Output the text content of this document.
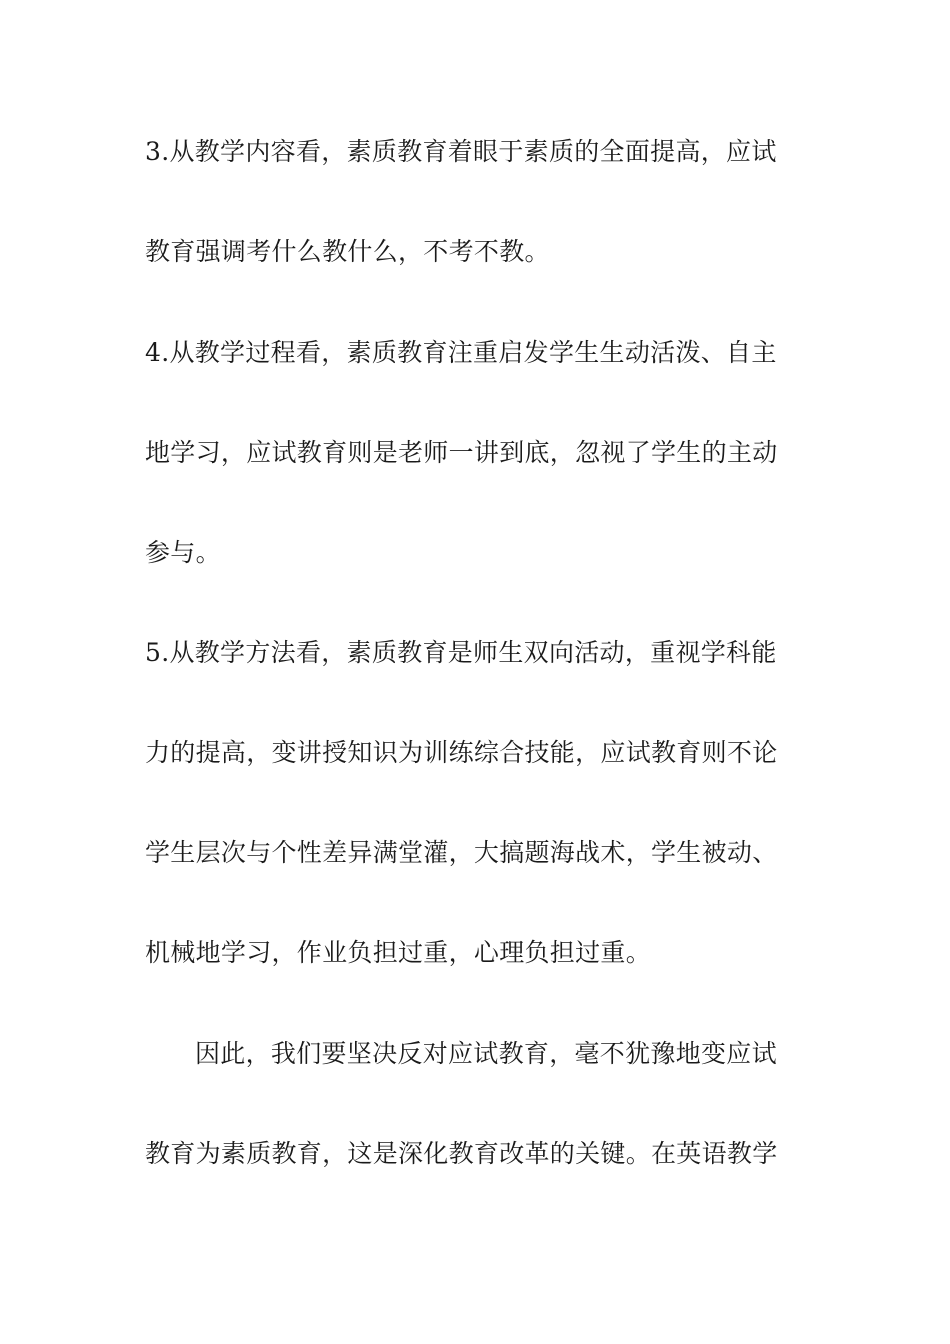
3.从教学内容看，素质教育着眼于素质的全面提高，应试
教育强调考什么教什么，不考不教。
4.从教学过程看，素质教育注重启发学生生动活泼、自主
地学习，应试教育则是老师一讲到底，忽视了学生的主动
参与。
5.从教学方法看，素质教育是师生双向活动，重视学科能
力的提高，变讲授知识为训练综合技能，应试教育则不论
学生层次与个性差异满堂灌，大搞题海战术，学生被动、
机械地学习，作业负担过重，心理负担过重。
因此，我们要坚决反对应试教育，毫不犹豫地变应试
教育为素质教育，这是深化教育改革的关键。在英语教学
